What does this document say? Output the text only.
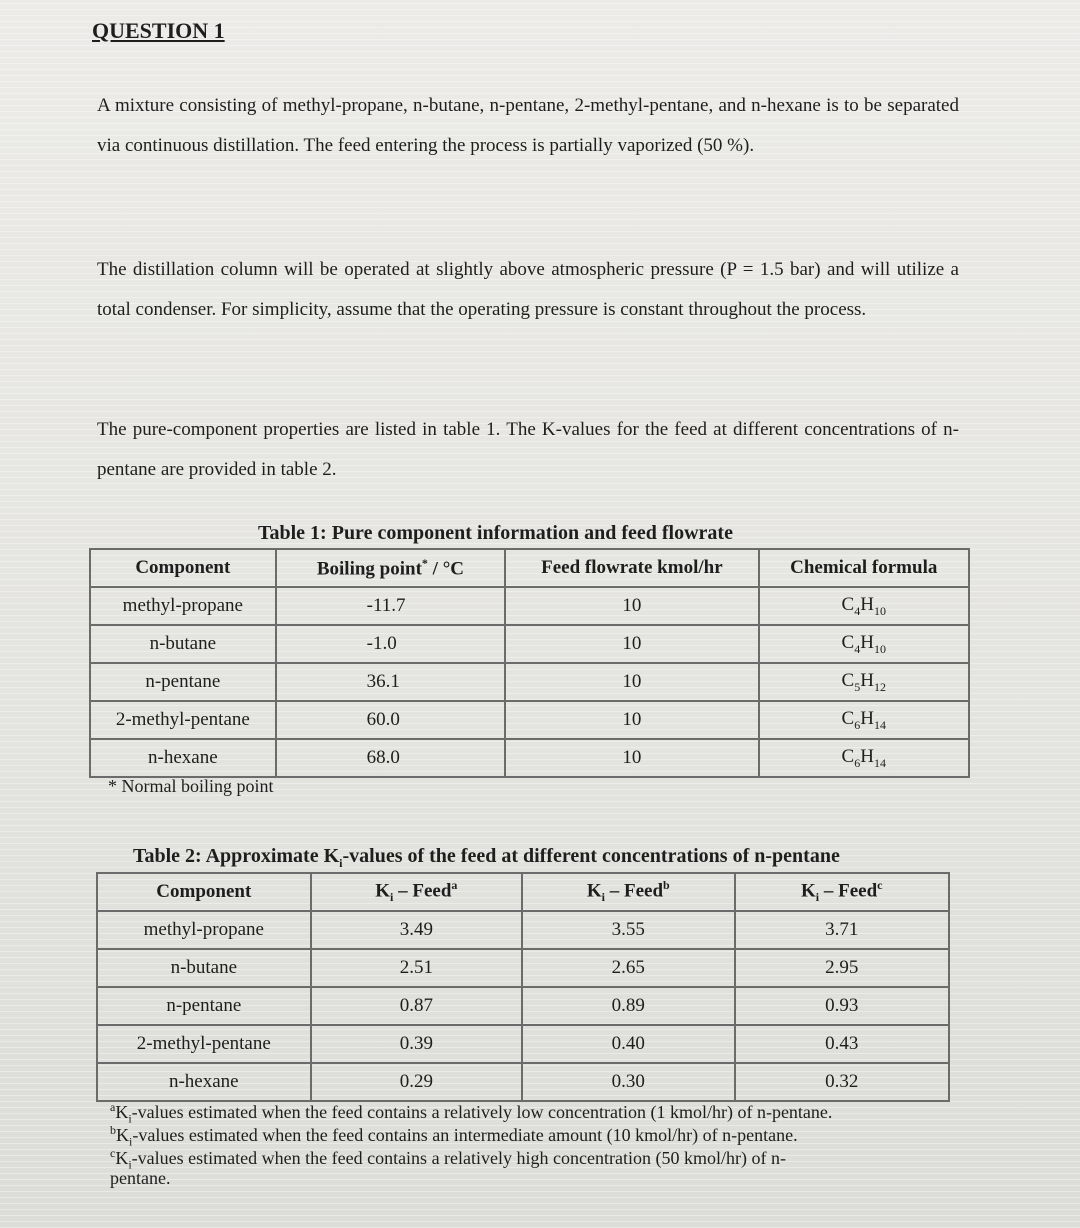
QUESTION 1
A mixture consisting of methyl-propane, n-butane, n-pentane, 2-methyl-pentane, and n-hexane is to be separated via continuous distillation. The feed entering the process is partially vaporized (50 %).
The distillation column will be operated at slightly above atmospheric pressure (P = 1.5 bar) and will utilize a total condenser. For simplicity, assume that the operating pressure is constant throughout the process.
The pure-component properties are listed in table 1. The K-values for the feed at different concentrations of n-pentane are provided in table 2.
Table 1: Pure component information and feed flowrate
Component	Boiling point* / °C	Feed flowrate kmol/hr	Chemical formula
methyl-propane	-11.7	10	$C_4H_{10}$
n-butane	-1.0	10	$C_4H_{10}$
n-pentane	36.1	10	$C_5H_{12}$
2-methyl-pentane	60.0	10	$C_6H_{14}$
n-hexane	68.0	10	$C_6H_{14}$
* Normal boiling point
Table 2: Approximate $K_i$-values of the feed at different concentrations of n-pentane
Component	$K_i$ – Feed$^a$	$K_i$ – Feed$^b$	$K_i$ – Feed$^c$
methyl-propane	3.49	3.55	3.71
n-butane	2.51	2.65	2.95
n-pentane	0.87	0.89	0.93
2-methyl-pentane	0.39	0.40	0.43
n-hexane	0.29	0.30	0.32
$^aK_i$-values estimated when the feed contains a relatively low concentration (1 kmol/hr) of n-pentane.
$^bK_i$-values estimated when the feed contains an intermediate amount (10 kmol/hr) of n-pentane.
$^cK_i$-values estimated when the feed contains a relatively high concentration (50 kmol/hr) of n-
pentane.
